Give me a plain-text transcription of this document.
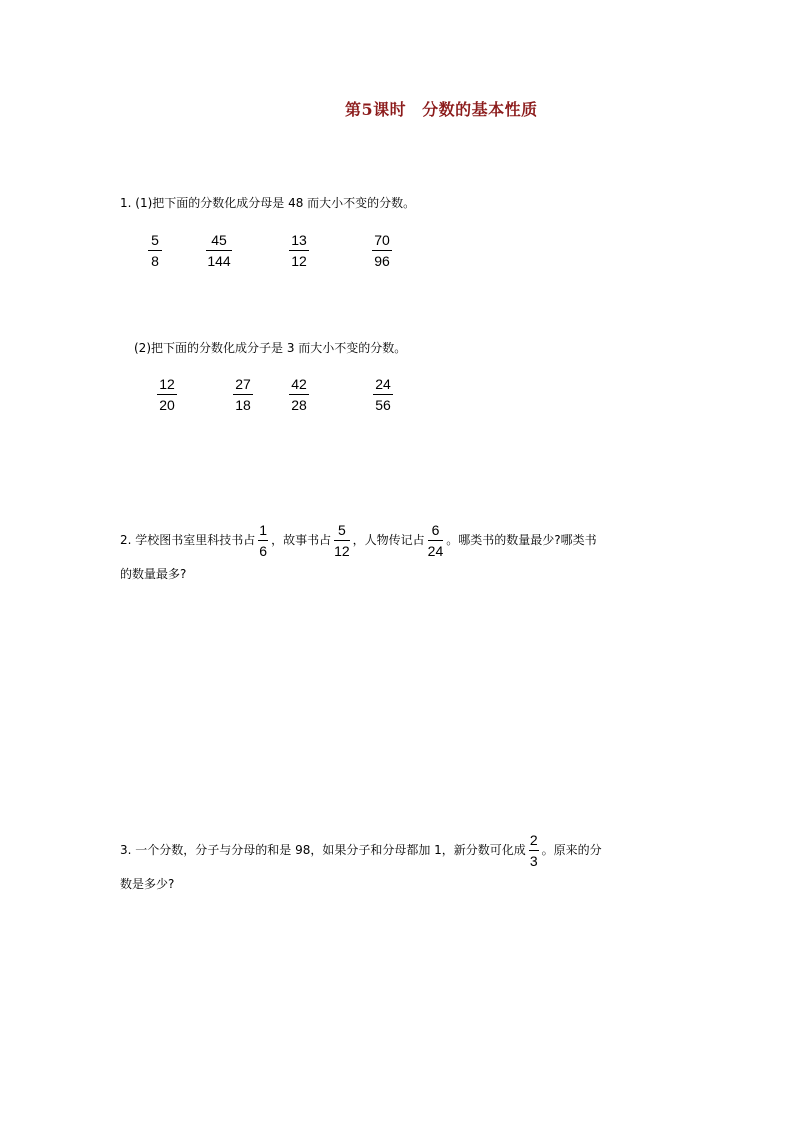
第5课时 分数的基本性质
1. (1)把下面的分数化成分母是 48 而大小不变的分数。
5
8
45
144
13
12
70
96
(2)把下面的分数化成分子是 3 而大小不变的分数。
12
20
27
18
42
28
24
56
2. 学校图书室里科技书占 $\frac{1}{6}$ ，故事书占 $\frac{5}{12}$ ，人物传记占 $\frac{6}{24}$ 。哪类书的数量最少?哪类书
的数量最多?
3. 一个分数，分子与分母的和是 98，如果分子和分母都加 1，新分数可化成 $\frac{2}{3}$ 。原来的分
数是多少?
